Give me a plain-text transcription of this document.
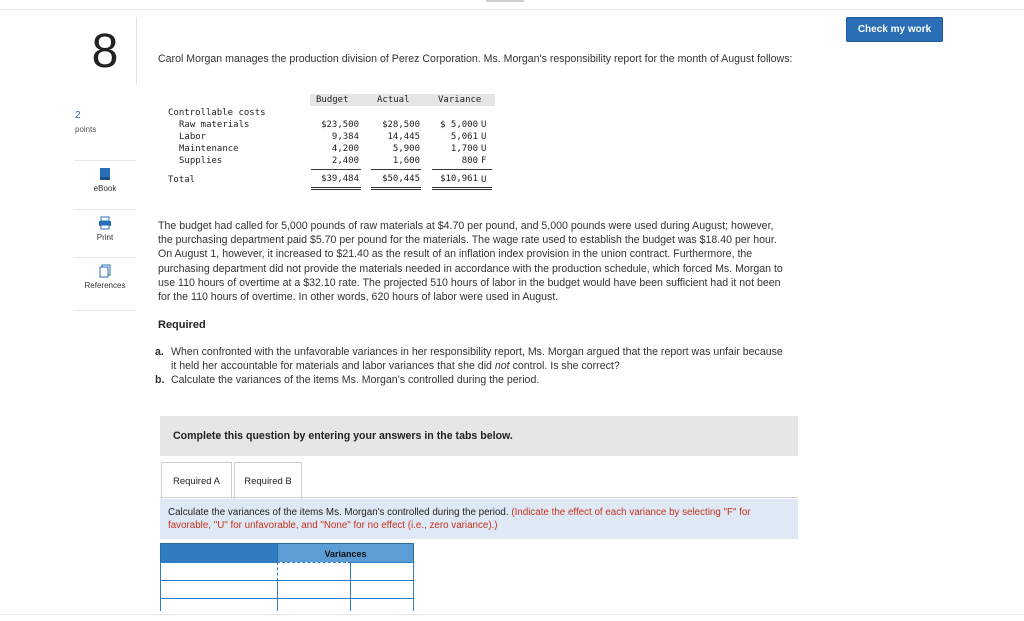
Check my work
8
2
points
eBook
Print
References
Carol Morgan manages the production division of Perez Corporation. Ms. Morgan's responsibility report for the month of August follows:
Budget	Actual	Variance
Controllable costs
Raw materials	$23,500	$28,500	$ 5,000 U
Labor	9,384	14,445	5,061 U
Maintenance	4,200	5,900	1,700 U
Supplies	2,400	1,600	800 F
Total	$39,484	$50,445	$10,961 U
The budget had called for 5,000 pounds of raw materials at $4.70 per pound, and 5,000 pounds were used during August; however,
the purchasing department paid $5.70 per pound for the materials. The wage rate used to establish the budget was $18.40 per hour.
On August 1, however, it increased to $21.40 as the result of an inflation index provision in the union contract. Furthermore, the
purchasing department did not provide the materials needed in accordance with the production schedule, which forced Ms. Morgan to
use 110 hours of overtime at a $32.10 rate. The projected 510 hours of labor in the budget would have been sufficient had it not been
for the 110 hours of overtime. In other words, 620 hours of labor were used in August.
Required
a. When confronted with the unfavorable variances in her responsibility report, Ms. Morgan argued that the report was unfair because
it held her accountable for materials and labor variances that she did not control. Is she correct?
b. Calculate the variances of the items Ms. Morgan's controlled during the period.
Complete this question by entering your answers in the tabs below.
Required A	Required B
Calculate the variances of the items Ms. Morgan's controlled during the period. (Indicate the effect of each variance by selecting "F" for favorable, "U" for unfavorable, and "None" for no effect (i.e., zero variance).)
Variances
